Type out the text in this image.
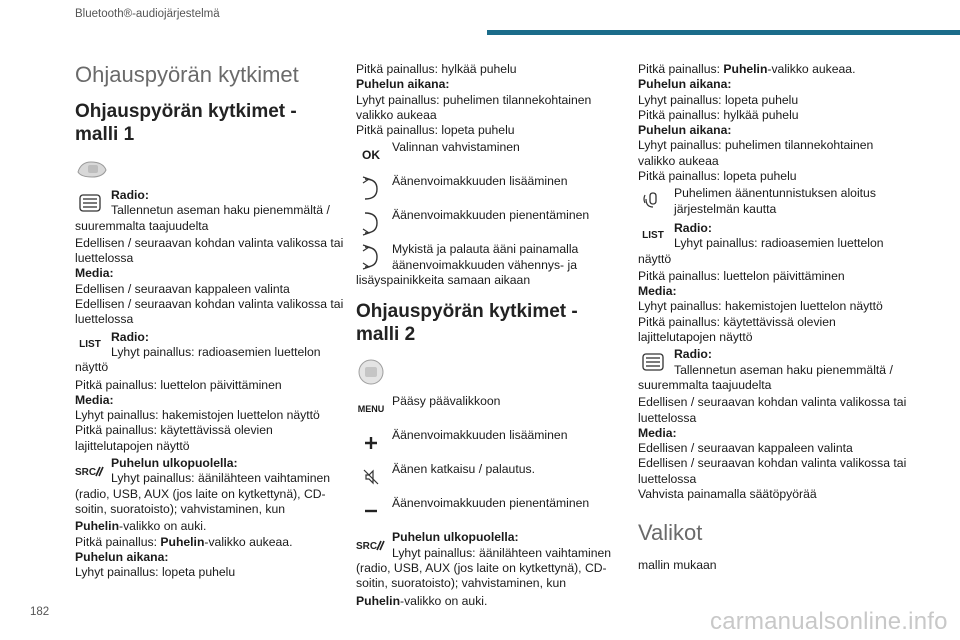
Bluetooth®-audiojärjestelmä
Ohjauspyörän kytkimet
Ohjauspyörän kytkimet - malli 1
Radio:
Tallennetun aseman haku pienemmältä / suuremmalta taajuudelta
Edellisen / seuraavan kohdan valinta valikossa tai luettelossa
Media:
Edellisen / seuraavan kappaleen valinta
Edellisen / seuraavan kohdan valinta valikossa tai luettelossa
LIST
Radio:
Lyhyt painallus: radioasemien luettelon näyttö
Pitkä painallus: luettelon päivittäminen
Media:
Lyhyt painallus: hakemistojen luettelon näyttö
Pitkä painallus: käytettävissä olevien lajittelutapojen näyttö
SRC
Puhelun ulkopuolella:
Lyhyt painallus: äänilähteen vaihtaminen (radio, USB, AUX (jos laite on kytkettynä), CD-soitin, suoratoisto); vahvistaminen, kun
Puhelin-valikko on auki.
Pitkä painallus: Puhelin-valikko aukeaa.
Puhelun aikana:
Lyhyt painallus: lopeta puhelu
Pitkä painallus: hylkää puhelu
Puhelun aikana:
Lyhyt painallus: puhelimen tilannekohtainen valikko aukeaa
Pitkä painallus: lopeta puhelu
OK
Valinnan vahvistaminen
Äänenvoimakkuuden lisääminen
Äänenvoimakkuuden pienentäminen
Mykistä ja palauta ääni painamalla äänenvoimakkuuden vähennys- ja lisäyspainikkeita samaan aikaan
Ohjauspyörän kytkimet - malli 2
MENU
Pääsy päävalikkoon
Äänenvoimakkuuden lisääminen
Äänen katkaisu / palautus.
Äänenvoimakkuuden pienentäminen
SRC
Puhelun ulkopuolella:
Lyhyt painallus: äänilähteen vaihtaminen (radio, USB, AUX (jos laite on kytkettynä), CD-soitin, suoratoisto); vahvistaminen, kun
Puhelin-valikko on auki.
Pitkä painallus: Puhelin-valikko aukeaa.
Puhelun aikana:
Lyhyt painallus: lopeta puhelu
Pitkä painallus: hylkää puhelu
Puhelun aikana:
Lyhyt painallus: puhelimen tilannekohtainen valikko aukeaa
Pitkä painallus: lopeta puhelu
Puhelimen äänentunnistuksen aloitus järjestelmän kautta
LIST
Radio:
Lyhyt painallus: radioasemien luettelon näyttö
Pitkä painallus: luettelon päivittäminen
Media:
Lyhyt painallus: hakemistojen luettelon näyttö
Pitkä painallus: käytettävissä olevien lajittelutapojen näyttö
Radio:
Tallennetun aseman haku pienemmältä / suuremmalta taajuudelta
Edellisen / seuraavan kohdan valinta valikossa tai luettelossa
Media:
Edellisen / seuraavan kappaleen valinta
Edellisen / seuraavan kohdan valinta valikossa tai luettelossa
Vahvista painamalla säätöpyörää
Valikot
mallin mukaan
182	carmanualsonline.info
